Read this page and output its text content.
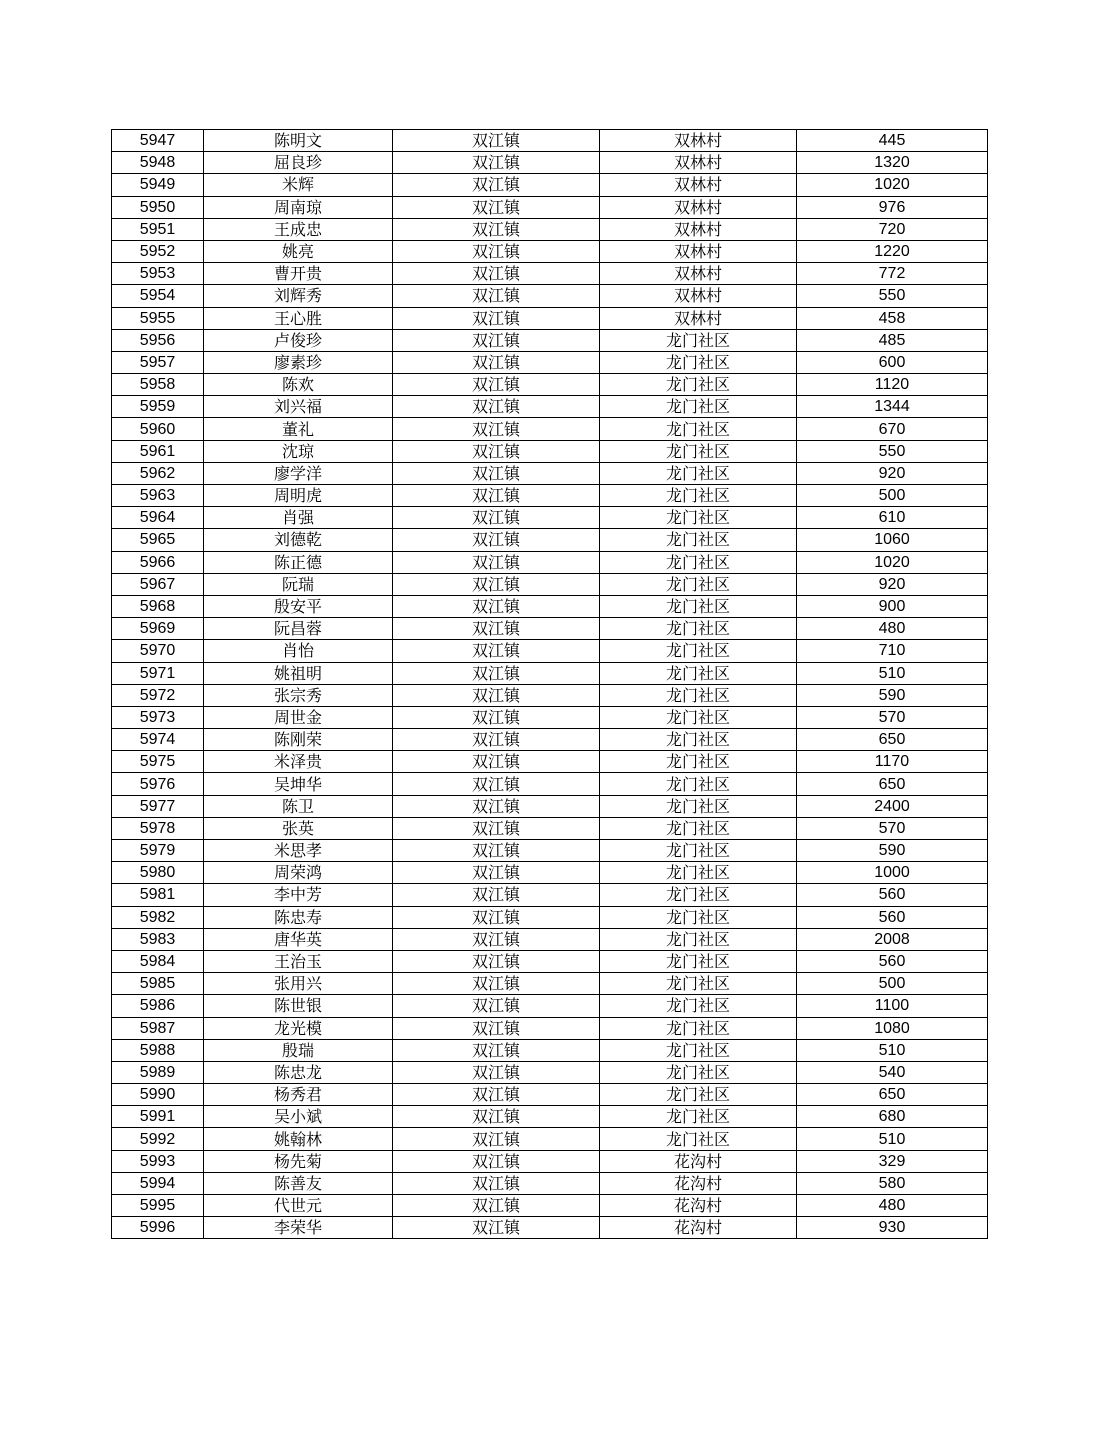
5947	陈明文	双江镇	双林村	445
5948	屈良珍	双江镇	双林村	1320
5949	米辉	双江镇	双林村	1020
5950	周南琼	双江镇	双林村	976
5951	王成忠	双江镇	双林村	720
5952	姚亮	双江镇	双林村	1220
5953	曹开贵	双江镇	双林村	772
5954	刘辉秀	双江镇	双林村	550
5955	王心胜	双江镇	双林村	458
5956	卢俊珍	双江镇	龙门社区	485
5957	廖素珍	双江镇	龙门社区	600
5958	陈欢	双江镇	龙门社区	1120
5959	刘兴福	双江镇	龙门社区	1344
5960	董礼	双江镇	龙门社区	670
5961	沈琼	双江镇	龙门社区	550
5962	廖学洋	双江镇	龙门社区	920
5963	周明虎	双江镇	龙门社区	500
5964	肖强	双江镇	龙门社区	610
5965	刘德乾	双江镇	龙门社区	1060
5966	陈正德	双江镇	龙门社区	1020
5967	阮瑞	双江镇	龙门社区	920
5968	殷安平	双江镇	龙门社区	900
5969	阮昌蓉	双江镇	龙门社区	480
5970	肖怡	双江镇	龙门社区	710
5971	姚祖明	双江镇	龙门社区	510
5972	张宗秀	双江镇	龙门社区	590
5973	周世金	双江镇	龙门社区	570
5974	陈刚荣	双江镇	龙门社区	650
5975	米泽贵	双江镇	龙门社区	1170
5976	吴坤华	双江镇	龙门社区	650
5977	陈卫	双江镇	龙门社区	2400
5978	张英	双江镇	龙门社区	570
5979	米思孝	双江镇	龙门社区	590
5980	周荣鸿	双江镇	龙门社区	1000
5981	李中芳	双江镇	龙门社区	560
5982	陈忠寿	双江镇	龙门社区	560
5983	唐华英	双江镇	龙门社区	2008
5984	王治玉	双江镇	龙门社区	560
5985	张用兴	双江镇	龙门社区	500
5986	陈世银	双江镇	龙门社区	1100
5987	龙光模	双江镇	龙门社区	1080
5988	殷瑞	双江镇	龙门社区	510
5989	陈忠龙	双江镇	龙门社区	540
5990	杨秀君	双江镇	龙门社区	650
5991	吴小斌	双江镇	龙门社区	680
5992	姚翰林	双江镇	龙门社区	510
5993	杨先菊	双江镇	花沟村	329
5994	陈善友	双江镇	花沟村	580
5995	代世元	双江镇	花沟村	480
5996	李荣华	双江镇	花沟村	930
